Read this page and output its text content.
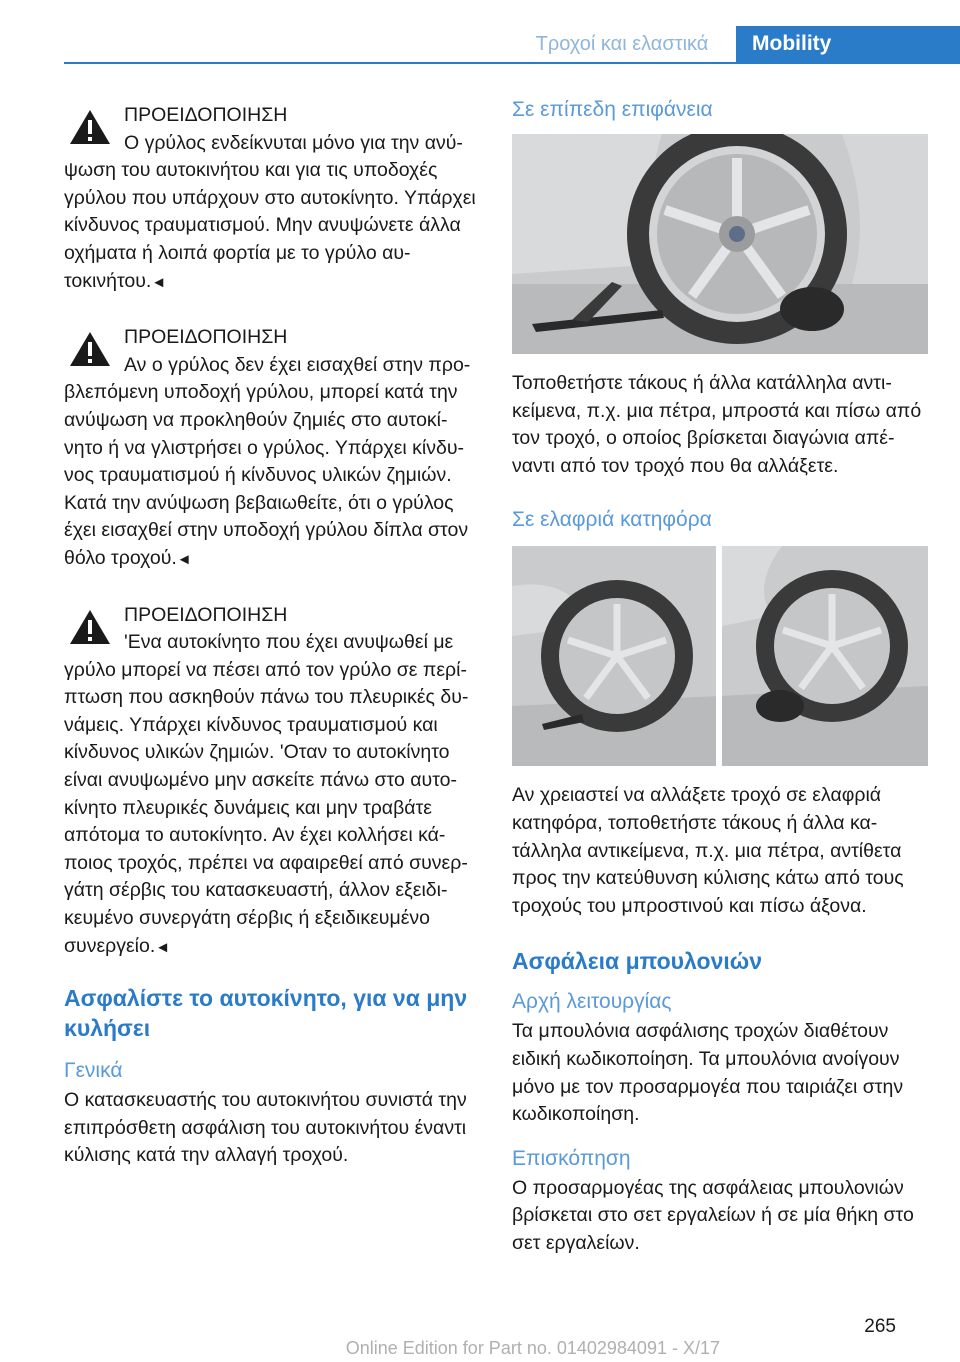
Τροχοί και ελαστικά	Mobility
ΠΡΟΕΙΔΟΠΟΙΗΣΗ

Ο γρύλος ενδείκνυται μόνο για την ανύψωση του αυτοκινήτου και για τις υποδοχές γρύλου που υπάρχουν στο αυτοκίνητο. Υπάρχει κίνδυνος τραυματισμού. Μην ανυψώνετε άλλα οχήματα ή λοιπά φορτία με το γρύλο αυτοκινήτου.◄

ΠΡΟΕΙΔΟΠΟΙΗΣΗ

Αν ο γρύλος δεν έχει εισαχθεί στην προβλεπόμενη υποδοχή γρύλου, μπορεί κατά την ανύψωση να προκληθούν ζημιές στο αυτοκίνητο ή να γλιστρήσει ο γρύλος. Υπάρχει κίνδυνος τραυματισμού ή κίνδυνος υλικών ζημιών. Κατά την ανύψωση βεβαιωθείτε, ότι ο γρύλος έχει εισαχθεί στην υποδοχή γρύλου δίπλα στον θόλο τροχού.◄

ΠΡΟΕΙΔΟΠΟΙΗΣΗ

'Ενα αυτοκίνητο που έχει ανυψωθεί με γρύλο μπορεί να πέσει από τον γρύλο σε περίπτωση που ασκηθούν πάνω του πλευρικές δυνάμεις. Υπάρχει κίνδυνος τραυματισμού και κίνδυνος υλικών ζημιών. 'Οταν το αυτοκίνητο είναι ανυψωμένο μην ασκείτε πάνω στο αυτοκίνητο πλευρικές δυνάμεις και μην τραβάτε απότομα το αυτοκίνητο. Αν έχει κολλήσει κάποιος τροχός, πρέπει να αφαιρεθεί από συνεργάτη σέρβις του κατασκευαστή, άλλον εξειδικευμένο συνεργάτη σέρβις ή εξειδικευμένο συνεργείο.◄

Ασφαλίστε το αυτοκίνητο, για να μην κυλήσει
Γενικά

Ο κατασκευαστής του αυτοκινήτου συνιστά την επιπρόσθετη ασφάλιση του αυτοκινήτου έναντι κύλισης κατά την αλλαγή τροχού.

Σε επίπεδη επιφάνεια

Τοποθετήστε τάκους ή άλλα κατάλληλα αντικείμενα, π.χ. μια πέτρα, μπροστά και πίσω από τον τροχό, ο οποίος βρίσκεται διαγώνια απέναντι από τον τροχό που θα αλλάξετε.

Σε ελαφριά κατηφόρα

Αν χρειαστεί να αλλάξετε τροχό σε ελαφριά κατηφόρα, τοποθετήστε τάκους ή άλλα κατάλληλα αντικείμενα, π.χ. μια πέτρα, αντίθετα προς την κατεύθυνση κύλισης κάτω από τους τροχούς του μπροστινού και πίσω άξονα.

Ασφάλεια μπουλονιών
Αρχή λειτουργίας

Τα μπουλόνια ασφάλισης τροχών διαθέτουν ειδική κωδικοποίηση. Τα μπουλόνια ανοίγουν μόνο με τον προσαρμογέα που ταιριάζει στην κωδικοποίηση.

Επισκόπηση

Ο προσαρμογέας της ασφάλειας μπουλονιών βρίσκεται στο σετ εργαλείων ή σε μία θήκη στο σετ εργαλείων.

265
Online Edition for Part no. 01402984091 - X/17
